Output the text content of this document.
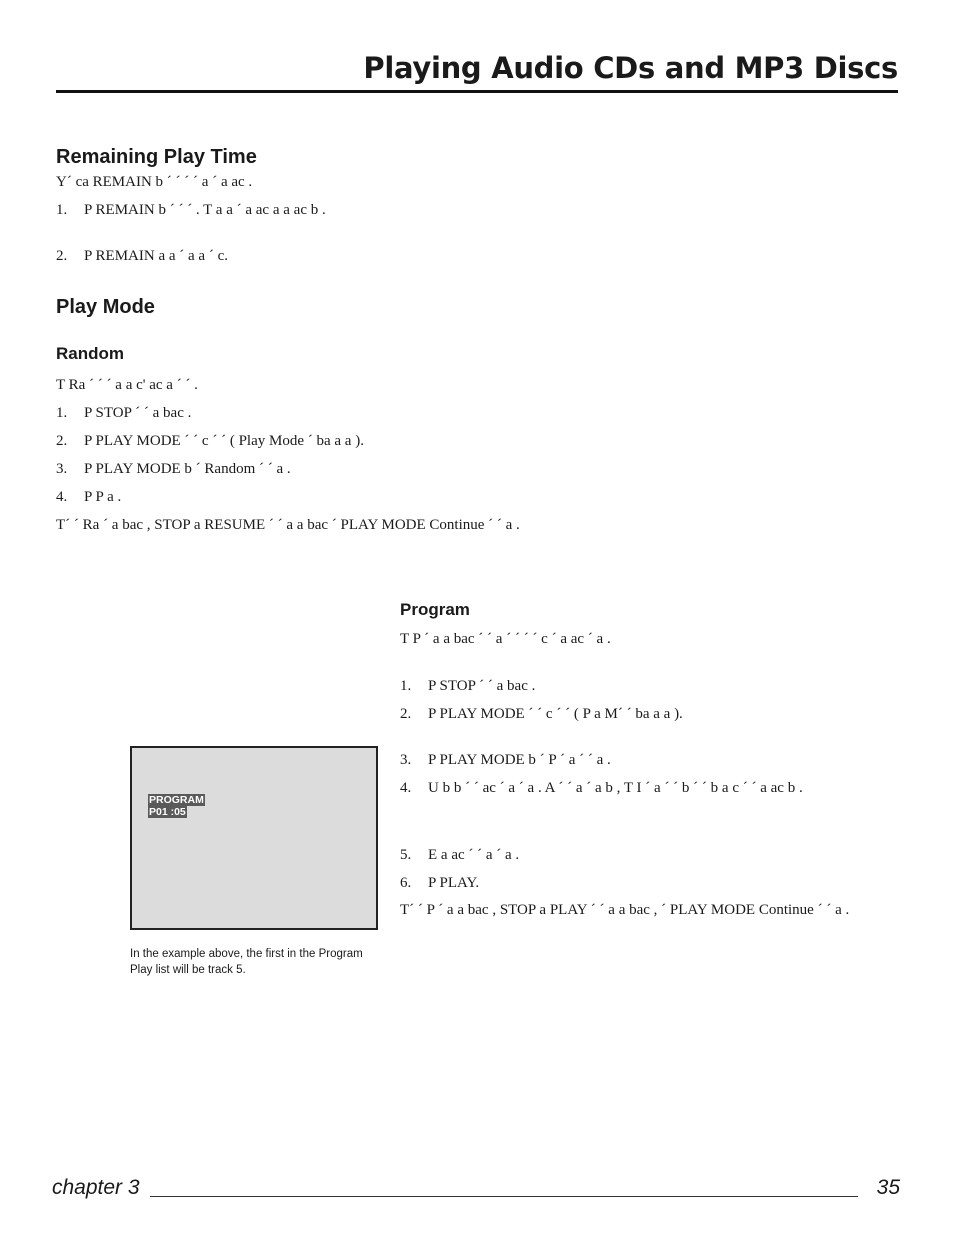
Playing Audio CDs and MP3 Discs
Remaining Play Time

Y´ ca REMAIN b ´ ´ ´ ´ a ´ a ac .

1. P REMAIN b ´ ´ ´ . T a a ´ a ac a a ac b .

2. P REMAIN a a ´ a a ´ c.

Play Mode
Random

T Ra ´ ´ ´ a a c' ac a ´ ´ .

1. P STOP ´ ´ a bac .

2. P PLAY MODE ´ ´ c ´ ´ ( Play Mode ´ ba a a ).

3. P PLAY MODE b ´ Random ´ ´ a .

4. P P a .

T´ ´ Ra ´ a bac , STOP a RESUME ´ ´ a a bac ´ PLAY MODE Continue ´ ´ a .

Program

T P ´ a a bac ´ ´ a ´ ´ ´ ´ c ´ a ac ´ a .

1. P STOP ´ ´ a bac .

2. P PLAY MODE ´ ´ c ´ ´ ( P a M´ ´ ba a a ).

3. P PLAY MODE b ´ P ´ a ´ ´ a .

4. U b b ´ ´ ac ´ a ´ a . A ´ ´ a ´ a b , T I ´ a ´ ´ b ´ ´ b a c ´ ´ a ac b .

5. E a ac ´ ´ a ´ a .

6. P PLAY.

T´ ´ P ´ a a bac , STOP a PLAY ´ ´ a a bac , ´ PLAY MODE Continue ´ ´ a .

PROGRAM
P01 :05
In the example above, the first in the Program Play list will be track 5.
chapter 3	35
